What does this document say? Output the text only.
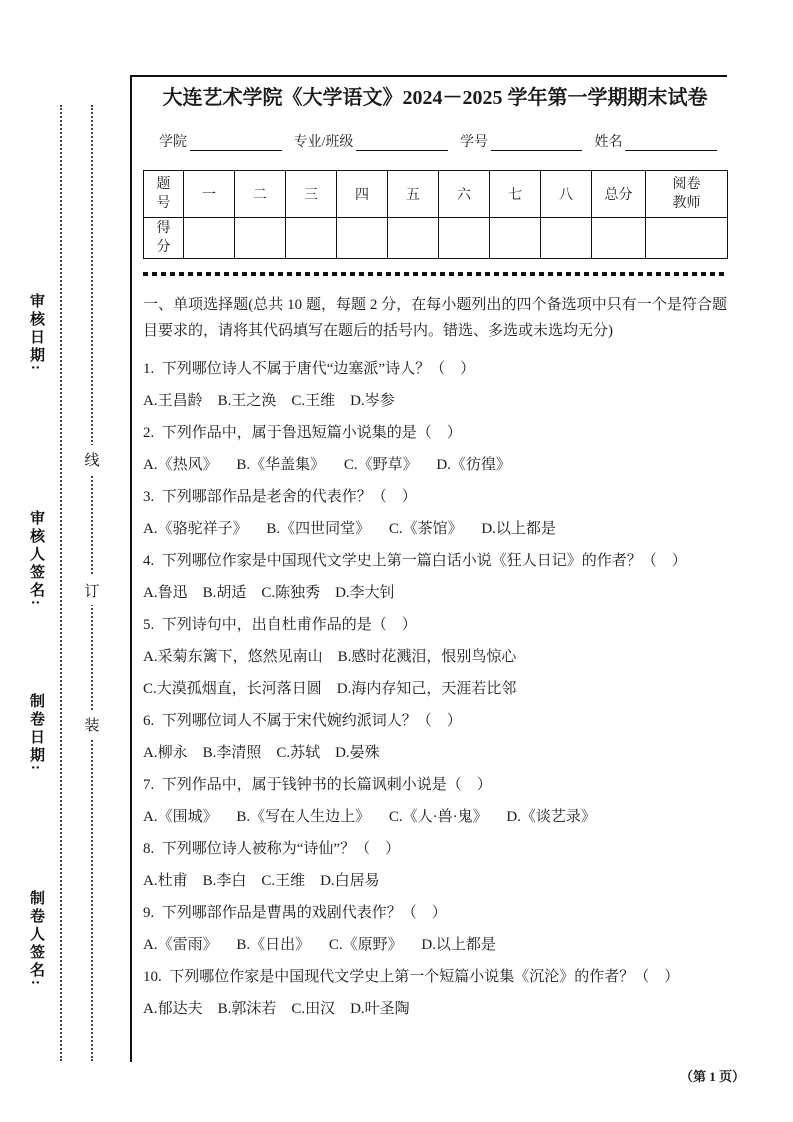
审核日期:
审核人签名:
制卷日期:
制卷人签名:
线
订
装
大连艺术学院《大学语文》2024－2025 学年第一学期期末试卷
学院	专业/班级	学号	姓名
题号	一	二	三	四	五	六	七	八	总分	阅卷教师
得分										

一、单项选择题(总共 10 题，每题 2 分，在每小题列出的四个备选项中只有一个是符合题目要求的，请将其代码填写在题后的括号内。错选、多选或未选均无分)

1.  下列哪位诗人不属于唐代“边塞派”诗人？（　）
A.王昌龄　B.王之涣　C.王维　D.岑参
2.  下列作品中，属于鲁迅短篇小说集的是（　）
A.《热风》 　B.《华盖集》 　C.《野草》 　D.《彷徨》
3.  下列哪部作品是老舍的代表作？（　）
A.《骆驼祥子》 　B.《四世同堂》 　C.《茶馆》 　D.以上都是
4.  下列哪位作家是中国现代文学史上第一篇白话小说《狂人日记》的作者？（　）
A.鲁迅　B.胡适　C.陈独秀　D.李大钊
5.  下列诗句中，出自杜甫作品的是（　）
A.采菊东篱下，悠然见南山　B.感时花溅泪，恨别鸟惊心
C.大漠孤烟直，长河落日圆　D.海内存知己，天涯若比邻
6.  下列哪位词人不属于宋代婉约派词人？（　）
A.柳永　B.李清照　C.苏轼　D.晏殊
7.  下列作品中，属于钱钟书的长篇讽刺小说是（　）
A.《围城》 　B.《写在人生边上》 　C.《人·兽·鬼》 　D.《谈艺录》
8.  下列哪位诗人被称为“诗仙”？（　）
A.杜甫　B.李白　C.王维　D.白居易
9.  下列哪部作品是曹禺的戏剧代表作？（　）
A.《雷雨》 　B.《日出》 　C.《原野》 　D.以上都是
10.  下列哪位作家是中国现代文学史上第一个短篇小说集《沉沦》的作者？（　）
A.郁达夫　B.郭沫若　C.田汉　D.叶圣陶
（第 1 页）
